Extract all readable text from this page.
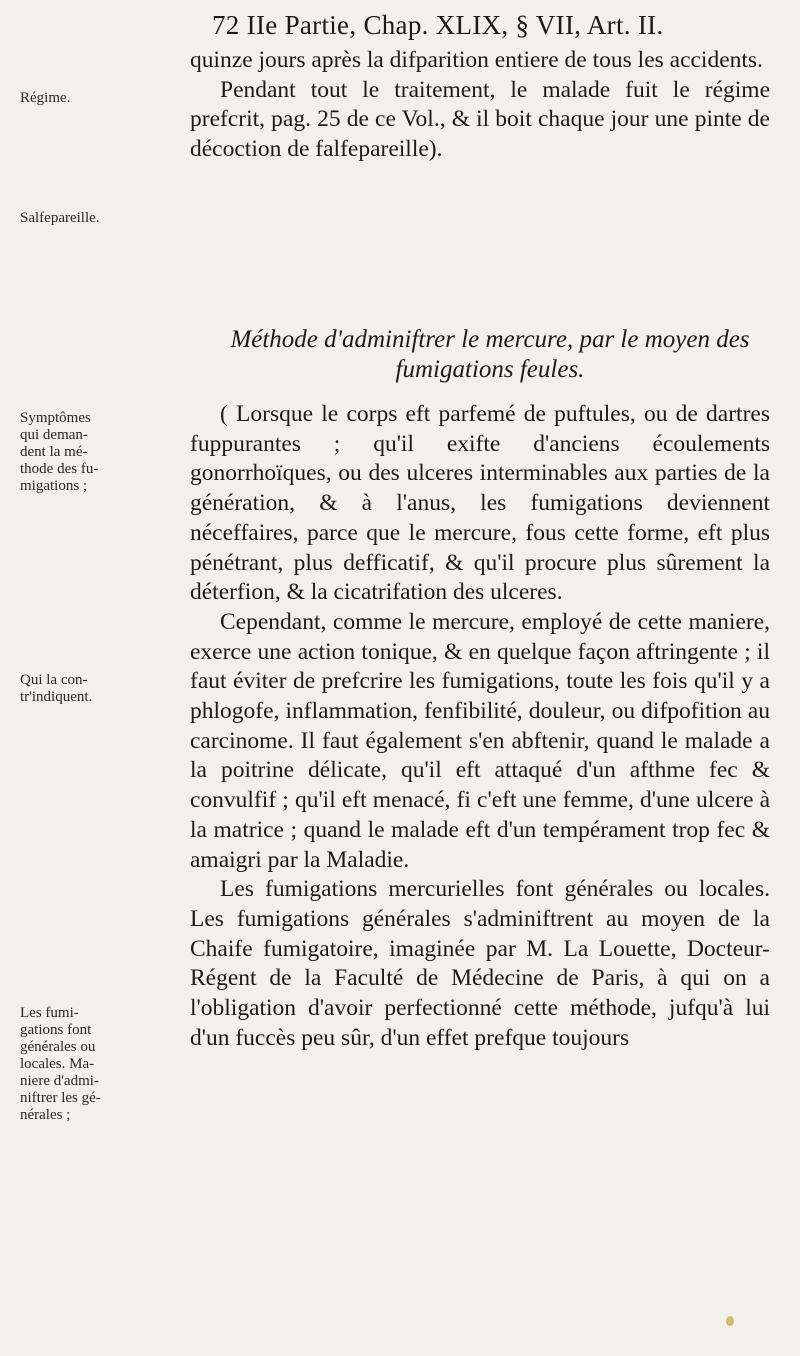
72 IIe Partie, Chap. XLIX, § VII, Art. II.
Régime.
Salfepareille.
Symptômes qui deman- dent la mé- thode des fu- migations ;
Qui la con- tr'indiquent.
Les fumi- gations font générales ou locales. Ma- niere d'admi- niftrer les gé- nérales ;

quinze jours après la difparition entiere de tous les accidents.

Pendant tout le traitement, le malade fuit le régime prefcrit, pag. 25 de ce Vol., & il boit chaque jour une pinte de décoction de falfepareille).

Méthode d'adminiftrer le mercure, par le moyen des fumigations feules.

( Lorsque le corps eft parfemé de puftules, ou de dartres fuppurantes ; qu'il exifte d'anciens écoulements gonorrhoïques, ou des ulceres interminables aux parties de la génération, & à l'anus, les fumigations deviennent néceffaires, parce que le mercure, fous cette forme, eft plus pénétrant, plus defficatif, & qu'il procure plus sûrement la déterfion, & la cicatrifation des ulceres.

Cependant, comme le mercure, employé de cette maniere, exerce une action tonique, & en quelque façon aftringente ; il faut éviter de prefcrire les fumigations, toute les fois qu'il y a phlogofe, inflammation, fenfibilité, douleur, ou difpofition au carcinome. Il faut également s'en abftenir, quand le malade a la poitrine délicate, qu'il eft attaqué d'un afthme fec & convulfif ; qu'il eft menacé, fi c'eft une femme, d'une ulcere à la matrice ; quand le malade eft d'un tempérament trop fec & amaigri par la Maladie.

Les fumigations mercurielles font générales ou locales. Les fumigations générales s'adminiftrent au moyen de la Chaife fumigatoire, imaginée par M. La Louette, Docteur-Régent de la Faculté de Médecine de Paris, à qui on a l'obligation d'avoir perfectionné cette méthode, jufqu'à lui d'un fuccès peu sûr, d'un effet prefque toujours
